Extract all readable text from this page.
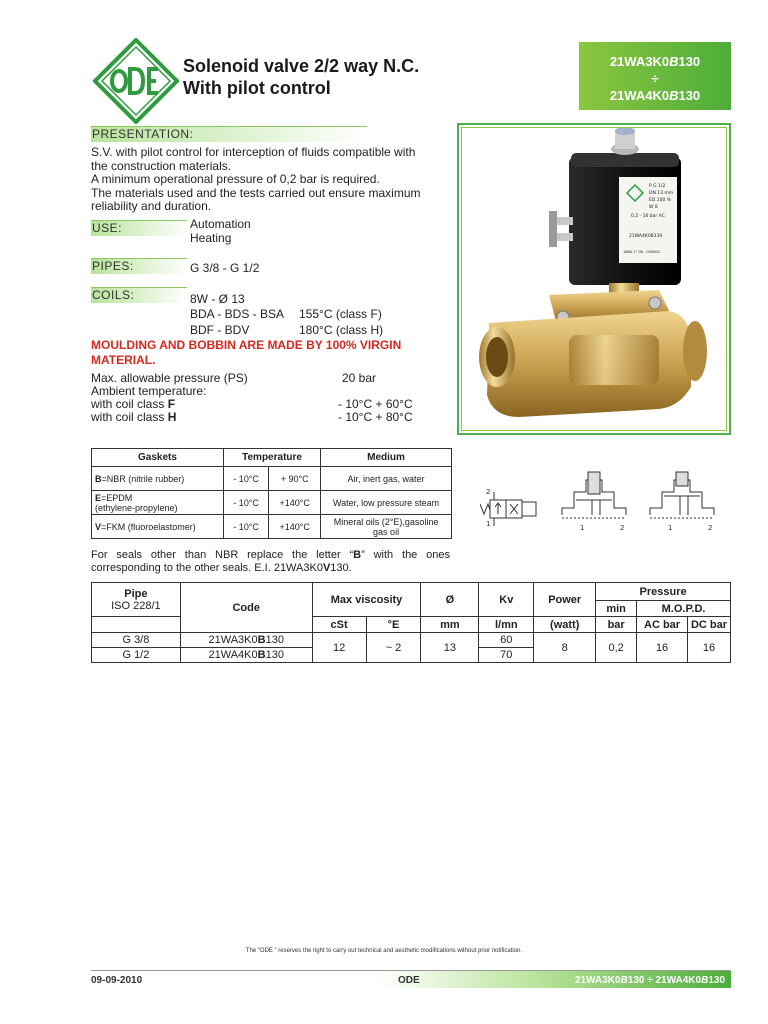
Solenoid valve 2/2 way N.C.
With pilot control
21WA3K0B130
÷
21WA4K0B130
PRESENTATION:
S.V. with pilot control for interception of fluids compatible with
the construction materials.
A minimum operational pressure of 0,2 bar is required.
The materials used and the tests carried out ensure maximum
reliability and duration.
USE:	Automation
Heating
PIPES:	G 3/8 - G 1/2
COILS:	8W - Ø 13
BDA - BDS - BSA 155°C (class F)
BDF - BDV	180°C (class H)
MOULDING AND BOBBIN ARE MADE BY 100% VIRGIN
MATERIAL.
Max. allowable pressure (PS)	20 bar
Ambient temperature:
with coil class F	- 10°C + 60°C
with coil class H	- 10°C + 80°C
P G 1/2
DN 13 mm
ED 100 %
W 8
0,2 - 16 bar AC
21WA4K0B130
16BA 1° 08 - 000000
Gaskets	Temperature		Medium
B=NBR (nitrile rubber)	- 10°C	+ 90°C	Air, inert gas, water
E=EPDM
(ethylene-propylene)	- 10°C	+140°C	Water, low pressure steam
V=FKM (fluoroelastomer)	- 10°C	+140°C	Mineral oils (2°E),gasoline
gas oil
For seals other than NBR replace the letter “B” with the ones corresponding to the other seals. E.I. 21WA3K0V130.
2
1	1	2	1	2
Pipe
ISO 228/1	Code	Max viscosity		Ø	Kv	Power	Pressure		
							min	M.O.P.D.	
		cSt	°E	mm	l/mn	(watt)	bar	AC bar	DC bar
G 3/8	21WA3K0B130	12	~ 2	13	60	8	0,2	16	16
G 1/2	21WA4K0B130				70				
The “ODE ” reserves the right to carry out technical and aesthetic modifications without prior notification.
09-09-2010	ODE	21WA3K0B130 ÷ 21WA4K0B130
